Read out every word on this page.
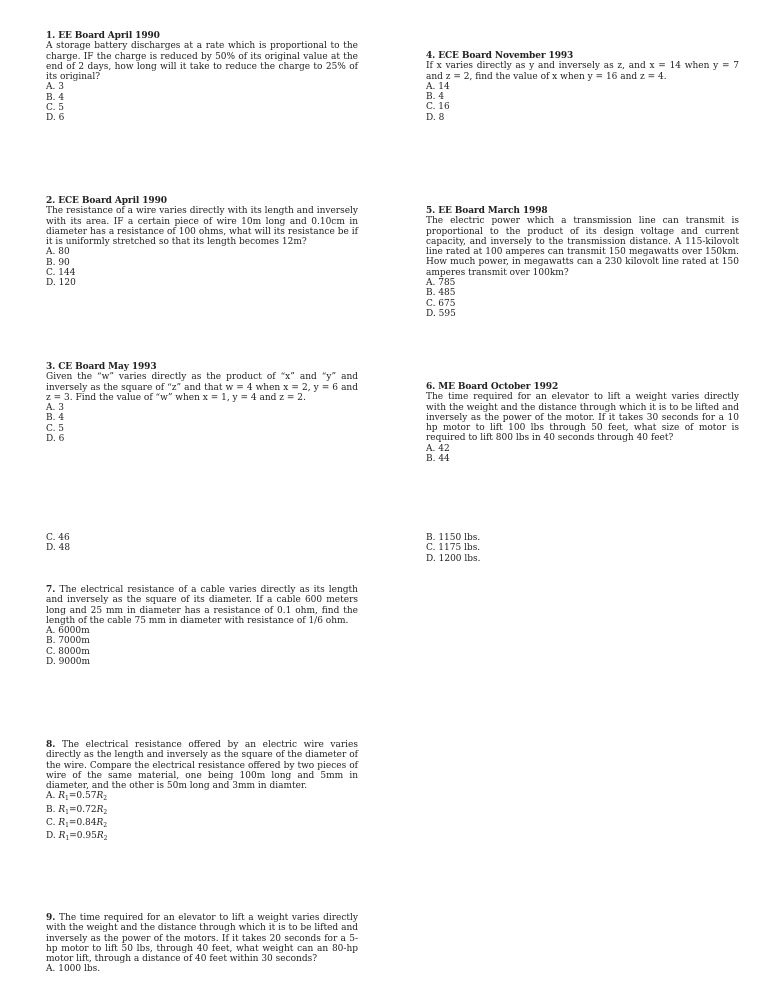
1. EE Board April 1990
A storage battery discharges at a rate which is proportional to the charge. IF the charge is reduced by 50% of its original value at the end of 2 days, how long will it take to reduce the charge to 25% of its original?
A. 3
B. 4
C. 5
D. 6
2. ECE Board April 1990
The resistance of a wire varies directly with its length and inversely with its area. IF a certain piece of wire 10m long and 0.10cm in diameter has a resistance of 100 ohms, what will its resistance be if it is uniformly stretched so that its length becomes 12m?
A. 80
B. 90
C. 144
D. 120
3. CE Board May 1993
Given the “w” varies directly as the product of “x” and “y” and inversely as the square of “z” and that w = 4 when x = 2, y = 6 and z = 3. Find the value of “w” when x = 1, y = 4 and z = 2.
A. 3
B. 4
C. 5
D. 6
C. 46
D. 48
7. The electrical resistance of a cable varies directly as its length and inversely as the square of its diameter. If a cable 600 meters long and 25 mm in diameter has a resistance of 0.1 ohm, find the length of the cable 75 mm in diameter with resistance of 1/6 ohm.
A. 6000m
B. 7000m
C. 8000m
D. 9000m
8. The electrical resistance offered by an electric wire varies directly as the length and inversely as the square of the diameter of the wire. Compare the electrical resistance offered by two pieces of wire of the same material, one being 100m long and 5mm in diameter, and the other is 50m long and 3mm in diamter.
A. $R_1=0.57R_2$
B. $R_1=0.72R_2$
C. $R_1=0.84R_2$
D. $R_1=0.95R_2$
9. The time required for an elevator to lift a weight varies directly with the weight and the distance through which it is to be lifted and inversely as the power of the motors. If it takes 20 seconds for a 5-hp motor to lift 50 lbs, through 40 feet, what weight can an 80-hp motor lift, through a distance of 40 feet within 30 seconds?
A. 1000 lbs.
4. ECE Board November 1993
If x varies directly as y and inversely as z, and x = 14 when y = 7 and z = 2, find the value of x when y = 16 and z = 4.
A. 14
B. 4
C. 16
D. 8
5. EE Board March 1998
The electric power which a transmission line can transmit is proportional to the product of its design voltage and current capacity, and inversely to the transmission distance. A 115-kilovolt line rated at 100 amperes can transmit 150 megawatts over 150km. How much power, in megawatts can a 230 kilovolt line rated at 150 amperes transmit over 100km?
A. 785
B. 485
C. 675
D. 595
6. ME Board October 1992
The time required for an elevator to lift a weight varies directly with the weight and the distance through which it is to be lifted and inversely as the power of the motor. If it takes 30 seconds for a 10 hp motor to lift 100 lbs through 50 feet, what size of motor is required to lift 800 lbs in 40 seconds through 40 feet?
A. 42
B. 44
B. 1150 lbs.
C. 1175 lbs.
D. 1200 lbs.
